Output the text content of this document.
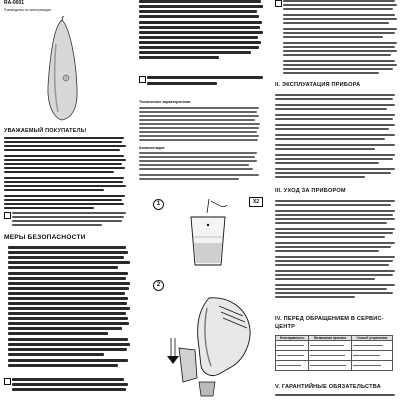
RA-0001
Руководство по эксплуатации
УВАЖАЕМЫЙ ПОКУПАТЕЛЬ!
МЕРЫ БЕЗОПАСНОСТИ
Технические характеристики
Комплектация
1	X2
2
II. ЭКСПЛУАТАЦИЯ ПРИБОРА
III. УХОД ЗА ПРИБОРОМ
IV. ПЕРЕД ОБРАЩЕНИЕМ В СЕРВИС-
ЦЕНТР
Неисправность	Возможная причина	Способ устранения

V. ГАРАНТИЙНЫЕ ОБЯЗАТЕЛЬСТВА
